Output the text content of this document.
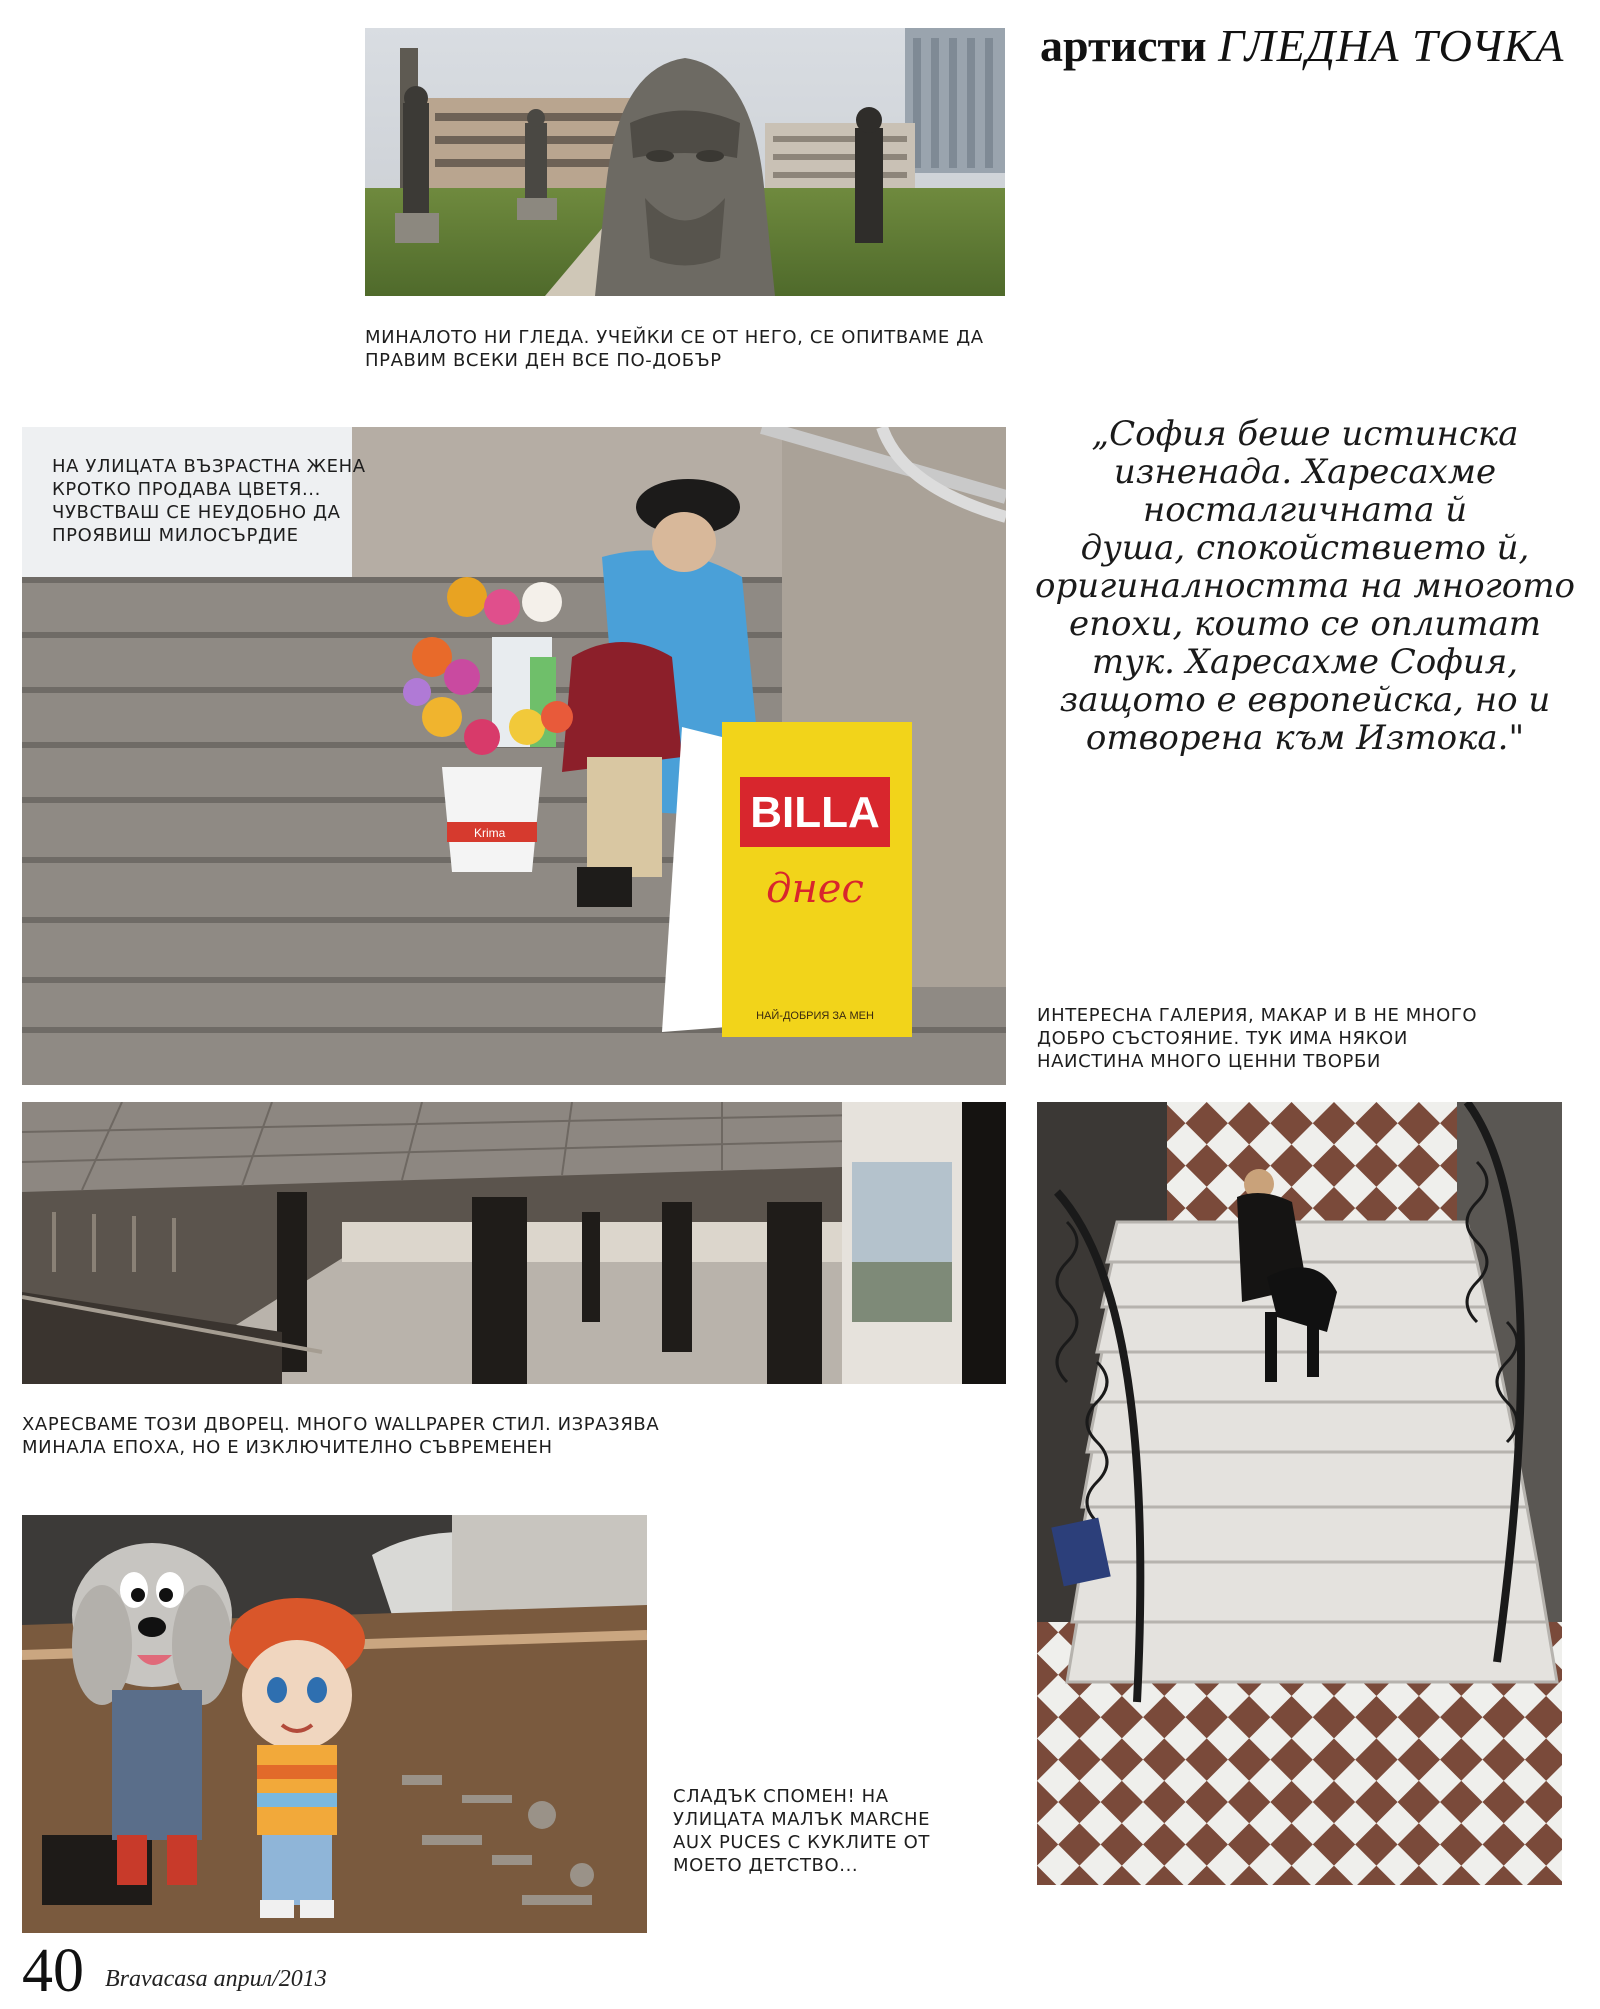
артисти ГЛЕДНА ТОЧКА

МИНАЛОТО НИ ГЛЕДА. УЧЕЙКИ СЕ ОТ НЕГО, СЕ ОПИТВАМЕ ДА
ПРАВИМ ВСЕКИ ДЕН ВСЕ ПО-ДОБЪР

BILLA
днес
НАЙ-ДОБРИЯ ЗА МЕН
Krima

НА УЛИЦАТА ВЪЗРАСТНА ЖЕНА
КРОТКО ПРОДАВА ЦВЕТЯ...
ЧУВСТВАШ СЕ НЕУДОБНО ДА
ПРОЯВИШ МИЛОСЪРДИЕ

„София беше истинска
изненада. Харесахме
носталгичната й
душа, спокойствието й,
оригиналността на многото
епохи, които се оплитат
тук. Харесахме София,
защото е европейска, но и
отворена към Изтока."

ИНТЕРЕСНА ГАЛЕРИЯ, МАКАР И В НЕ МНОГО
ДОБРО СЪСТОЯНИЕ. ТУК ИМА НЯКОИ
НАИСТИНА МНОГО ЦЕННИ ТВОРБИ

ХАРЕСВАМЕ ТОЗИ ДВОРЕЦ. МНОГО WALLPAPER СТИЛ. ИЗРАЗЯВА
МИНАЛА ЕПОХА, НО Е ИЗКЛЮЧИТЕЛНО СЪВРЕМЕНЕН

СЛАДЪК СПОМЕН! НА
УЛИЦАТА МАЛЪК MARCHE
AUX PUCES С КУКЛИТЕ ОТ
МОЕТО ДЕТСТВО...

40 Bravacasa април/2013
